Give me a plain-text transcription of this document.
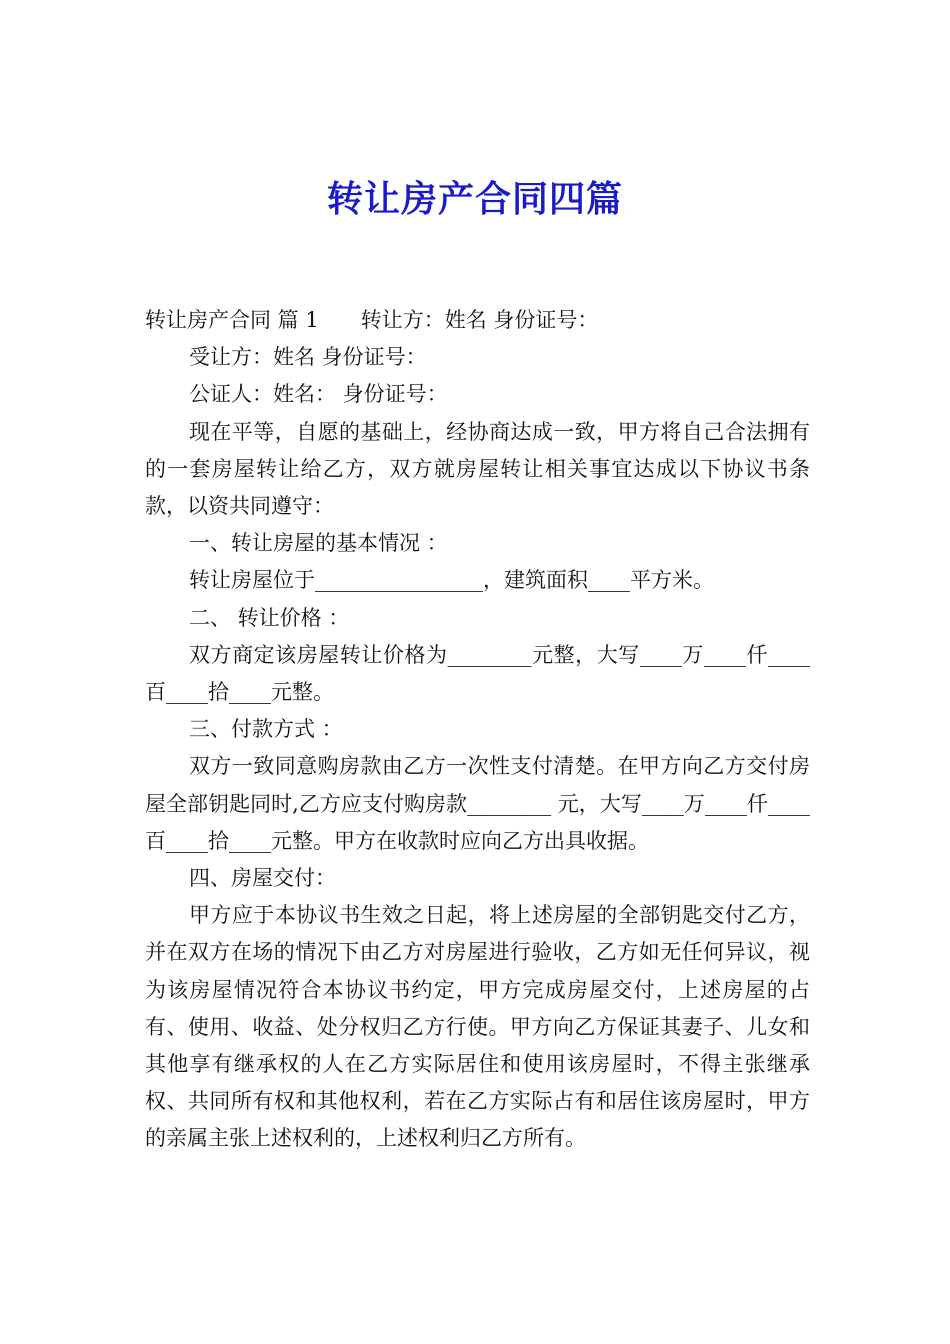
转让房产合同四篇

转让房产合同 篇 1 转让方：姓名 身份证号：

受让方：姓名 身份证号：

公证人：姓名： 身份证号：

现在平等，自愿的基础上，经协商达成一致，甲方将自己合法拥有的一套房屋转让给乙方，双方就房屋转让相关事宜达成以下协议书条款，以资共同遵守：

一、转让房屋的基本情况 ：

转让房屋位于________________，建筑面积____平方米。

二、 转让价格 ：

双方商定该房屋转让价格为________元整，大写____万____仟____百____拾____元整。

三、付款方式 ：

双方一致同意购房款由乙方一次性支付清楚。在甲方向乙方交付房屋全部钥匙同时,乙方应支付购房款________ 元，大写____万____仟____百____拾____元整。甲方在收款时应向乙方出具收据。

四、房屋交付：

甲方应于本协议书生效之日起，将上述房屋的全部钥匙交付乙方，并在双方在场的情况下由乙方对房屋进行验收，乙方如无任何异议，视为该房屋情况符合本协议书约定，甲方完成房屋交付，上述房屋的占有、使用、收益、处分权归乙方行使。甲方向乙方保证其妻子、儿女和其他享有继承权的人在乙方实际居住和使用该房屋时，不得主张继承权、共同所有权和其他权利，若在乙方实际占有和居住该房屋时，甲方的亲属主张上述权利的，上述权利归乙方所有。
